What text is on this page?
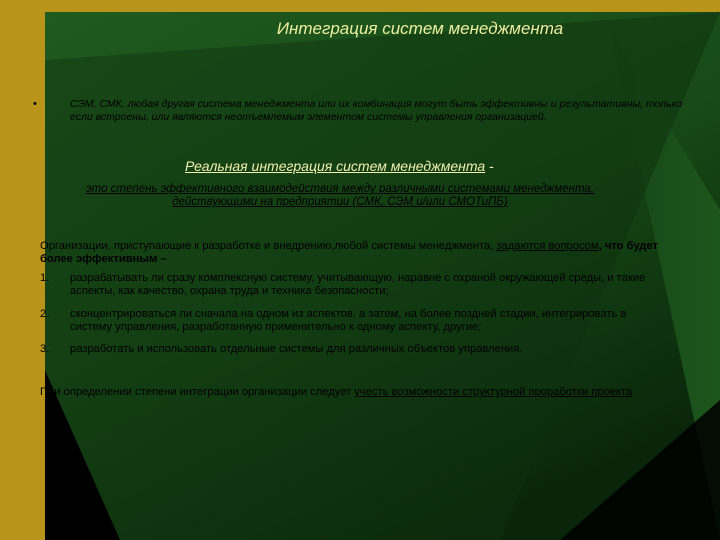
Интеграция систем менеджмента
•	СЭМ, СМК, любая другая система менеджмента или их комбинация могут быть эффективны и результативны, только если встроены, или являются неотъемлемым элементом системы управления организацией.
Реальная интеграция систем менеджмента -
это степень эффективного взаимодействия между различными системами менеджмента, действующими на предприятии (СМК, СЭМ и/или СМОТиПБ)
Организации, приступающие к разработке и внедрению,любой системы менеджмента, задаются вопросом, что будет более эффективным –
1. разрабатывать ли сразу комплексную систему, учитывающую, наравне с охраной окружающей среды, и такие аспекты, как качество, охрана труда и техника безопасности;
2. сконцентрироваться ли сначала на одном из аспектов, а затем, на более поздней стадии, интегрировать в систему управления, разработанную применительно к одному аспекту, другие;
3. разработать и использовать отдельные системы для различных объектов управления.
При определении степени интеграции организации следует учесть возможности структурной проработки проекта
